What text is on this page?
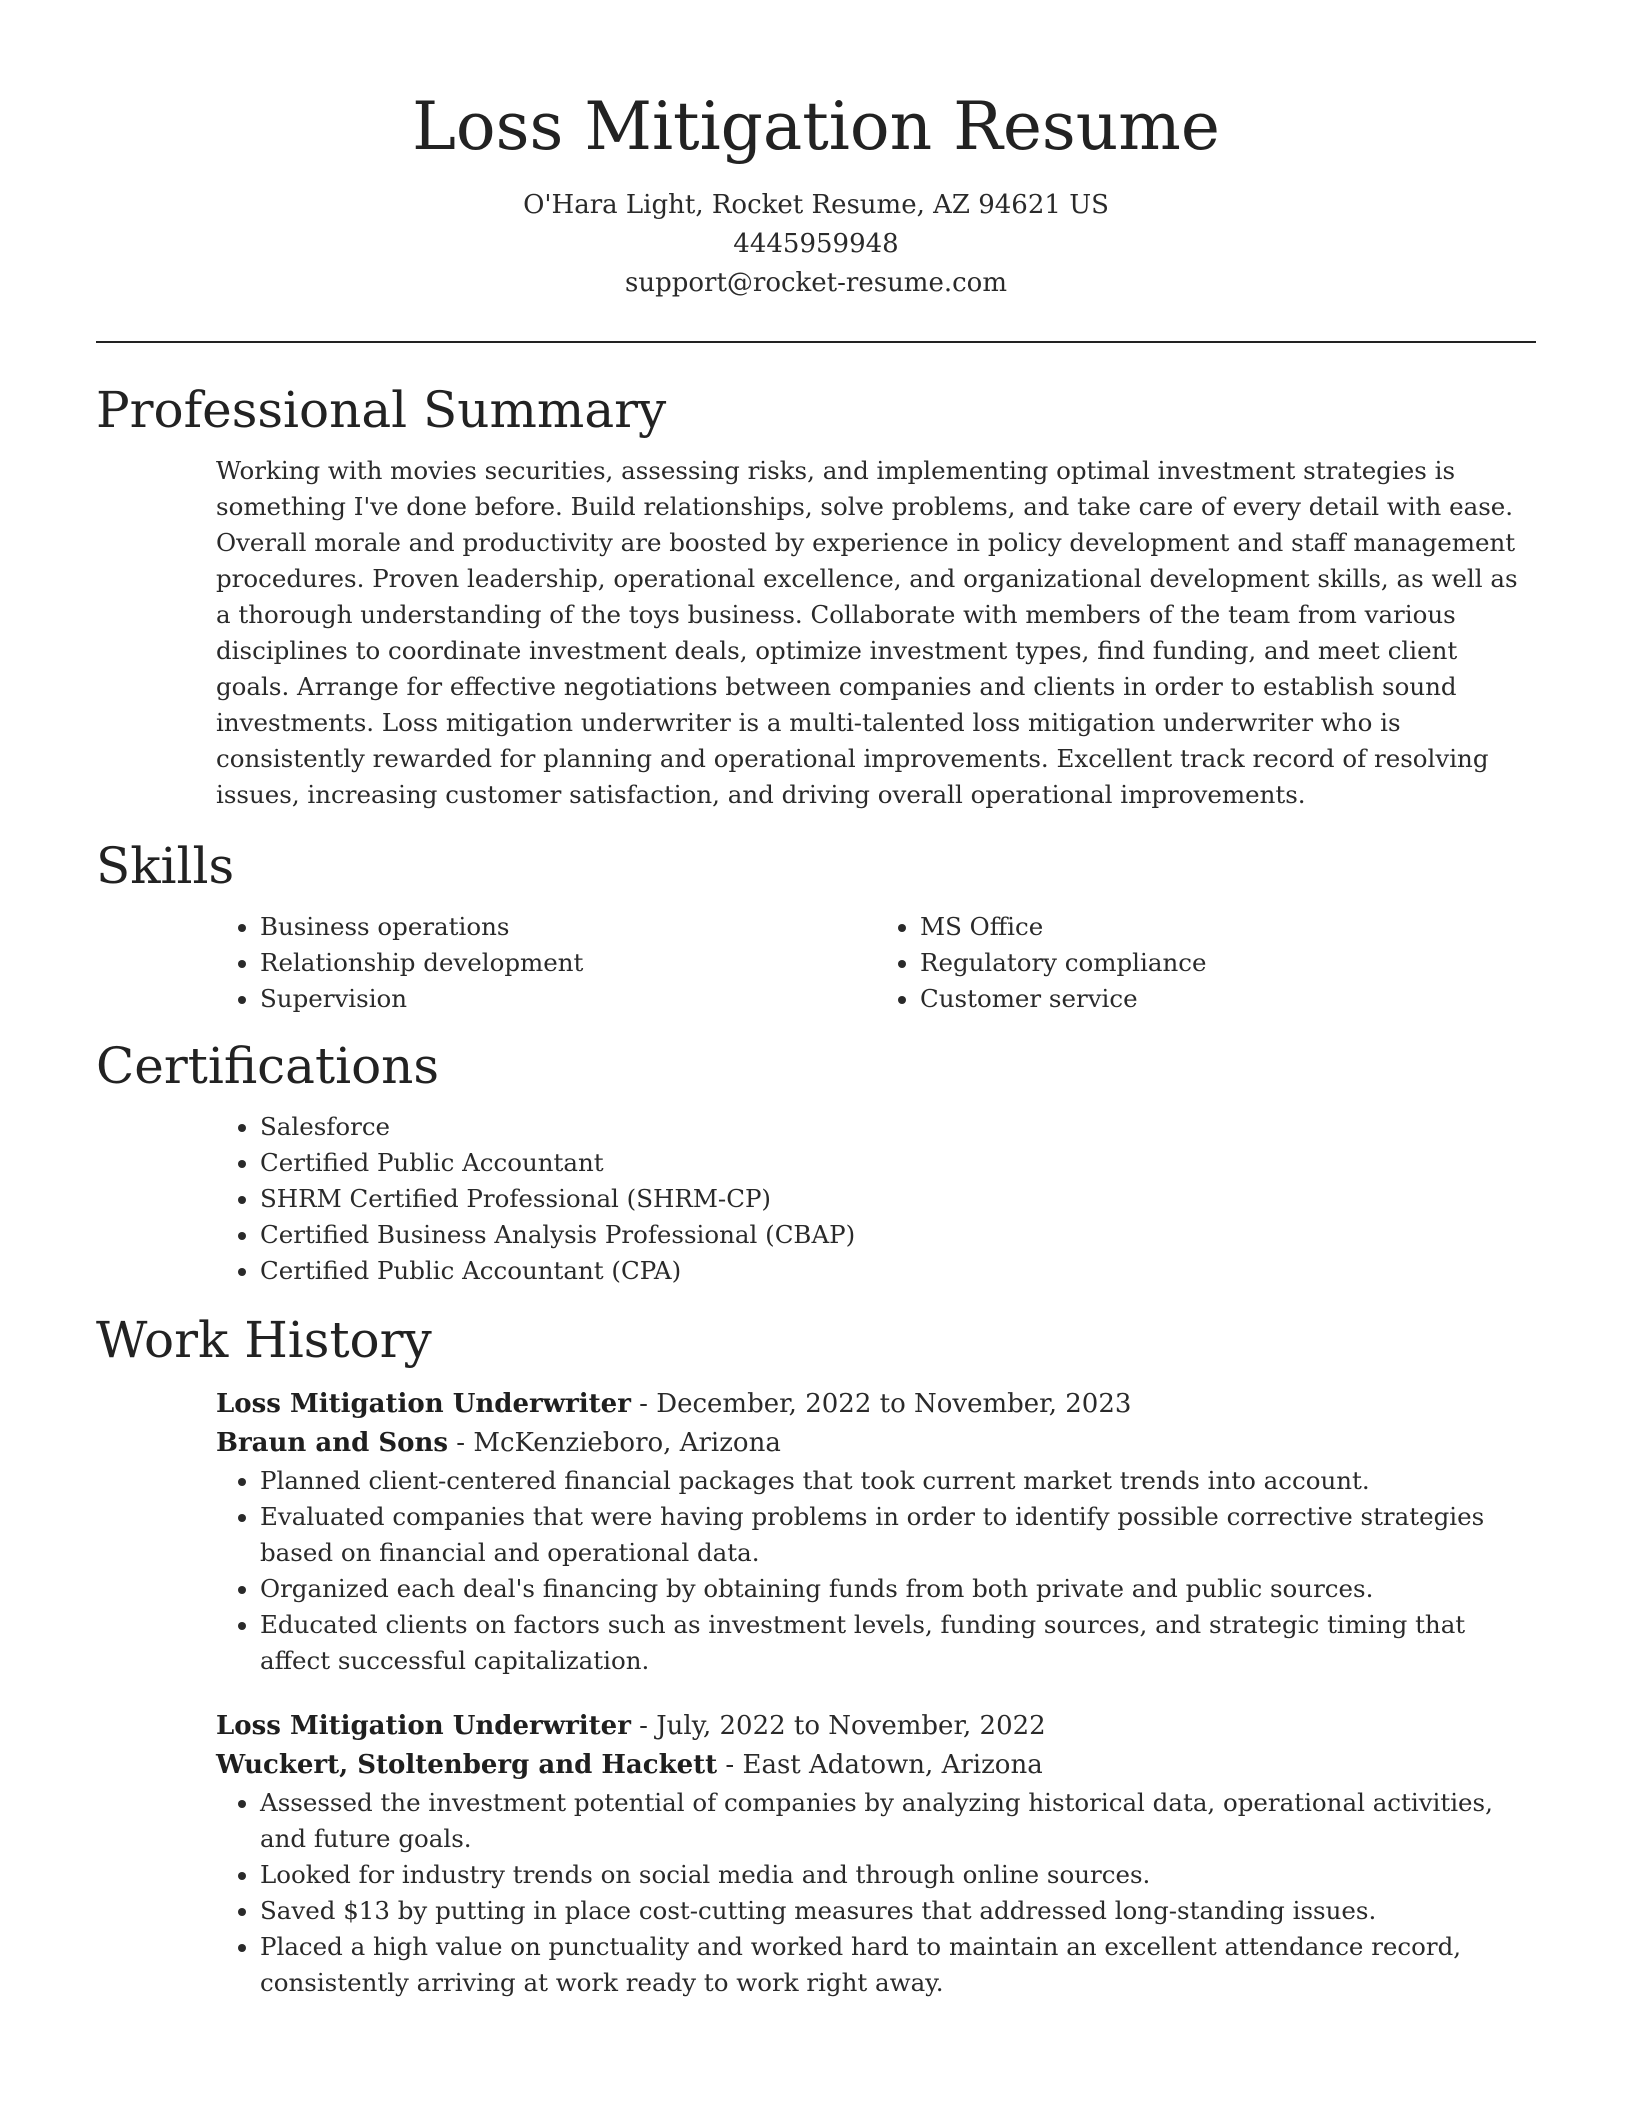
Loss Mitigation Resume
O'Hara Light, Rocket Resume, AZ 94621 US
4445959948
support@rocket-resume.com
Professional Summary
Working with movies securities, assessing risks, and implementing optimal investment strategies is something I've done before. Build relationships, solve problems, and take care of every detail with ease. Overall morale and productivity are boosted by experience in policy development and staff management procedures. Proven leadership, operational excellence, and organizational development skills, as well as a thorough understanding of the toys business. Collaborate with members of the team from various disciplines to coordinate investment deals, optimize investment types, find funding, and meet client goals. Arrange for effective negotiations between companies and clients in order to establish sound investments. Loss mitigation underwriter is a multi-talented loss mitigation underwriter who is consistently rewarded for planning and operational improvements. Excellent track record of resolving issues, increasing customer satisfaction, and driving overall operational improvements.
Skills
• Business operations
• Relationship development
• Supervision
• MS Office
• Regulatory compliance
• Customer service
Certifications
• Salesforce
• Certified Public Accountant
• SHRM Certified Professional (SHRM-CP)
• Certified Business Analysis Professional (CBAP)
• Certified Public Accountant (CPA)
Work History
Loss Mitigation Underwriter - December, 2022 to November, 2023
Braun and Sons - McKenzieboro, Arizona
• Planned client-centered financial packages that took current market trends into account.
• Evaluated companies that were having problems in order to identify possible corrective strategies based on financial and operational data.
• Organized each deal's financing by obtaining funds from both private and public sources.
• Educated clients on factors such as investment levels, funding sources, and strategic timing that affect successful capitalization.
Loss Mitigation Underwriter - July, 2022 to November, 2022
Wuckert, Stoltenberg and Hackett - East Adatown, Arizona
• Assessed the investment potential of companies by analyzing historical data, operational activities, and future goals.
• Looked for industry trends on social media and through online sources.
• Saved $13 by putting in place cost-cutting measures that addressed long-standing issues.
• Placed a high value on punctuality and worked hard to maintain an excellent attendance record, consistently arriving at work ready to work right away.
